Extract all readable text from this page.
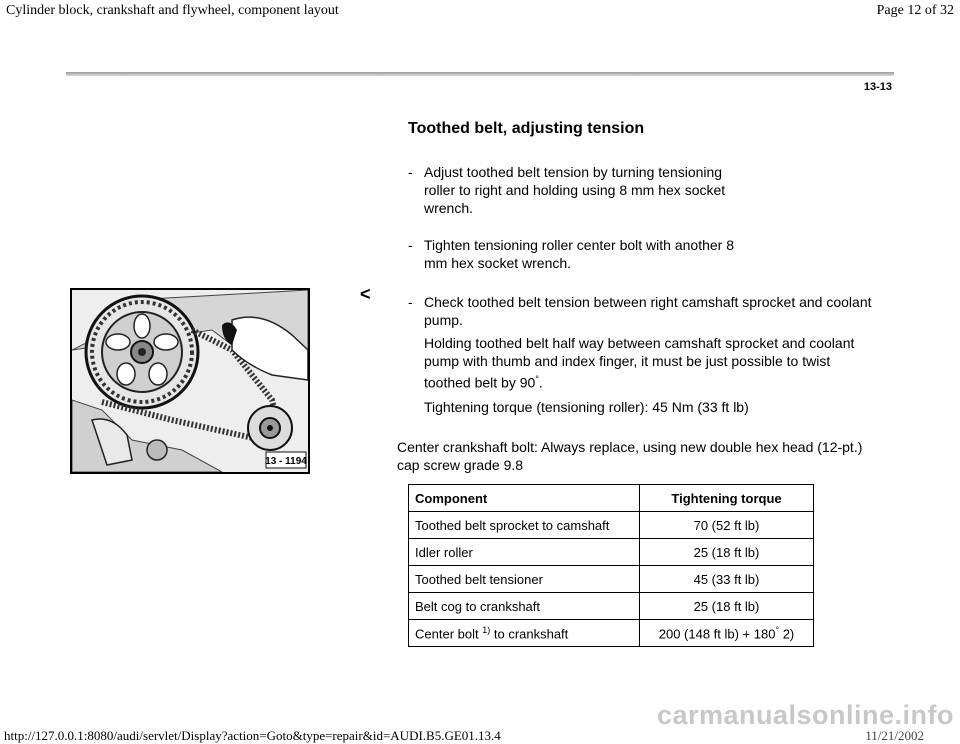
Cylinder block, crankshaft and flywheel, component layout	Page 12 of 32
13-13
Toothed belt, adjusting tension
- Adjust toothed belt tension by turning tensioning roller to right and holding using 8 mm hex socket wrench.
- Tighten tensioning roller center bolt with another 8 mm hex socket wrench.
<	- Check toothed belt tension between right camshaft sprocket and coolant pump.
Holding toothed belt half way between camshaft sprocket and coolant pump with thumb and index finger, it must be just possible to twist toothed belt by 90°.
Tightening torque (tensioning roller): 45 Nm (33 ft lb)
Center crankshaft bolt: Always replace, using new double hex head (12-pt.) cap screw grade 9.8
13 - 1194
Component	Tightening torque
Toothed belt sprocket to camshaft	70 (52 ft lb)
Idler roller	25 (18 ft lb)
Toothed belt tensioner	45 (33 ft lb)
Belt cog to crankshaft	25 (18 ft lb)
Center bolt $^{1)}$ to crankshaft	200 (148 ft lb) + 180° 2)
carmanualsonline.info
http://127.0.0.1:8080/audi/servlet/Display?action=Goto&type=repair&id=AUDI.B5.GE01.13.4	11/21/2002
